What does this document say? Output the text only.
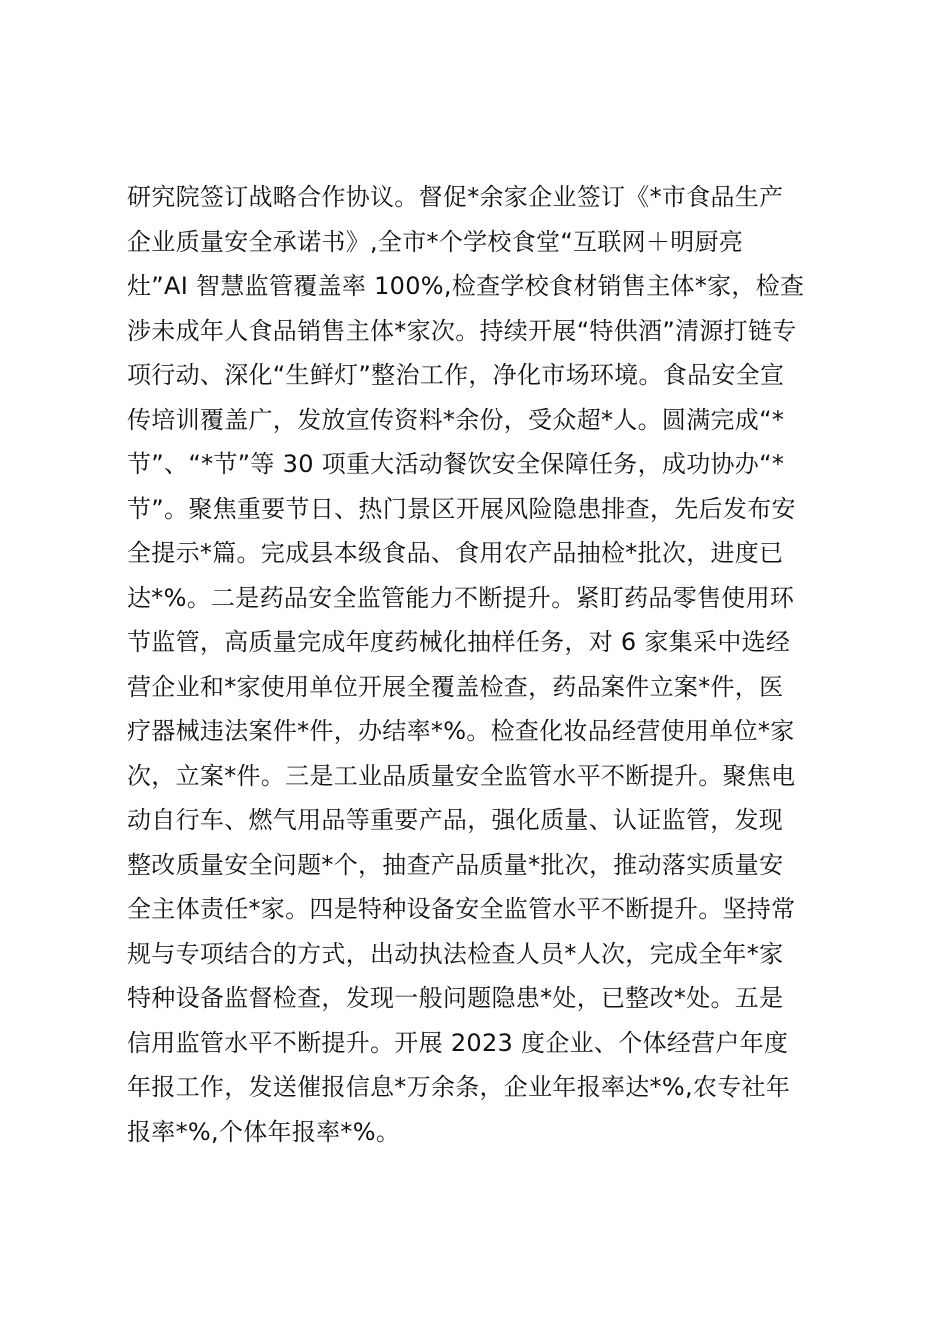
研究院签订战略合作协议。督促*余家企业签订《*市食品生产
企业质量安全承诺书》,全市*个学校食堂“互联网＋明厨亮
灶”AI 智慧监管覆盖率 100%,检查学校食材销售主体*家，检查
涉未成年人食品销售主体*家次。持续开展“特供酒”清源打链专
项行动、深化“生鲜灯”整治工作，净化市场环境。食品安全宣
传培训覆盖广，发放宣传资料*余份，受众超*人。圆满完成“*
节”、“*节”等 30 项重大活动餐饮安全保障任务，成功协办“*
节”。聚焦重要节日、热门景区开展风险隐患排查，先后发布安
全提示*篇。完成县本级食品、食用农产品抽检*批次，进度已
达*%。二是药品安全监管能力不断提升。紧盯药品零售使用环
节监管，高质量完成年度药械化抽样任务，对 6 家集采中选经
营企业和*家使用单位开展全覆盖检查，药品案件立案*件，医
疗器械违法案件*件，办结率*%。检查化妆品经营使用单位*家
次，立案*件。三是工业品质量安全监管水平不断提升。聚焦电
动自行车、燃气用品等重要产品，强化质量、认证监管，发现
整改质量安全问题*个，抽查产品质量*批次，推动落实质量安
全主体责任*家。四是特种设备安全监管水平不断提升。坚持常
规与专项结合的方式，出动执法检查人员*人次，完成全年*家
特种设备监督检查，发现一般问题隐患*处，已整改*处。五是
信用监管水平不断提升。开展 2023 度企业、个体经营户年度
年报工作，发送催报信息*万余条，企业年报率达*%,农专社年
报率*%,个体年报率*%。
